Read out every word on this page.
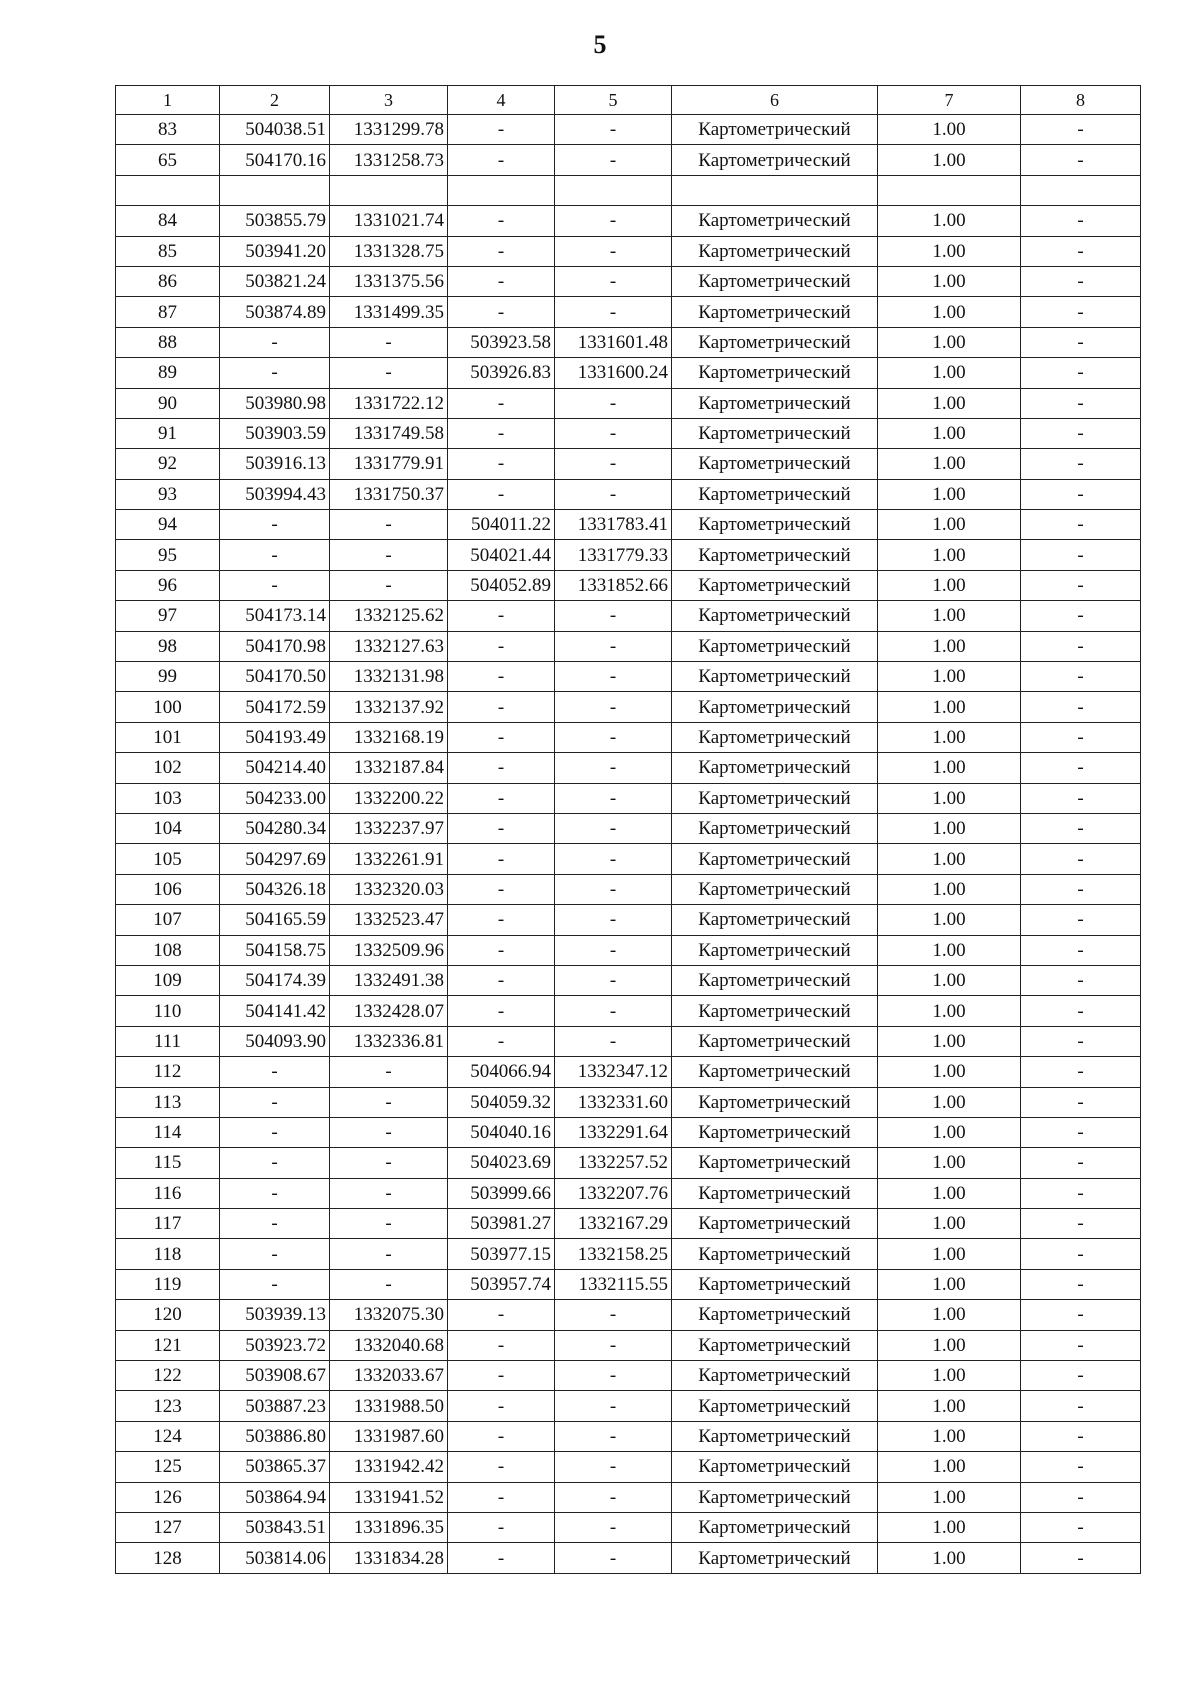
5
1	2	3	4	5	6	7	8
83	504038.51	1331299.78	-	-	Картометрический	1.00	-
65	504170.16	1331258.73	-	-	Картометрический	1.00	-

84	503855.79	1331021.74	-	-	Картометрический	1.00	-
85	503941.20	1331328.75	-	-	Картометрический	1.00	-
86	503821.24	1331375.56	-	-	Картометрический	1.00	-
87	503874.89	1331499.35	-	-	Картометрический	1.00	-
88	-	-	503923.58	1331601.48	Картометрический	1.00	-
89	-	-	503926.83	1331600.24	Картометрический	1.00	-
90	503980.98	1331722.12	-	-	Картометрический	1.00	-
91	503903.59	1331749.58	-	-	Картометрический	1.00	-
92	503916.13	1331779.91	-	-	Картометрический	1.00	-
93	503994.43	1331750.37	-	-	Картометрический	1.00	-
94	-	-	504011.22	1331783.41	Картометрический	1.00	-
95	-	-	504021.44	1331779.33	Картометрический	1.00	-
96	-	-	504052.89	1331852.66	Картометрический	1.00	-
97	504173.14	1332125.62	-	-	Картометрический	1.00	-
98	504170.98	1332127.63	-	-	Картометрический	1.00	-
99	504170.50	1332131.98	-	-	Картометрический	1.00	-
100	504172.59	1332137.92	-	-	Картометрический	1.00	-
101	504193.49	1332168.19	-	-	Картометрический	1.00	-
102	504214.40	1332187.84	-	-	Картометрический	1.00	-
103	504233.00	1332200.22	-	-	Картометрический	1.00	-
104	504280.34	1332237.97	-	-	Картометрический	1.00	-
105	504297.69	1332261.91	-	-	Картометрический	1.00	-
106	504326.18	1332320.03	-	-	Картометрический	1.00	-
107	504165.59	1332523.47	-	-	Картометрический	1.00	-
108	504158.75	1332509.96	-	-	Картометрический	1.00	-
109	504174.39	1332491.38	-	-	Картометрический	1.00	-
110	504141.42	1332428.07	-	-	Картометрический	1.00	-
111	504093.90	1332336.81	-	-	Картометрический	1.00	-
112	-	-	504066.94	1332347.12	Картометрический	1.00	-
113	-	-	504059.32	1332331.60	Картометрический	1.00	-
114	-	-	504040.16	1332291.64	Картометрический	1.00	-
115	-	-	504023.69	1332257.52	Картометрический	1.00	-
116	-	-	503999.66	1332207.76	Картометрический	1.00	-
117	-	-	503981.27	1332167.29	Картометрический	1.00	-
118	-	-	503977.15	1332158.25	Картометрический	1.00	-
119	-	-	503957.74	1332115.55	Картометрический	1.00	-
120	503939.13	1332075.30	-	-	Картометрический	1.00	-
121	503923.72	1332040.68	-	-	Картометрический	1.00	-
122	503908.67	1332033.67	-	-	Картометрический	1.00	-
123	503887.23	1331988.50	-	-	Картометрический	1.00	-
124	503886.80	1331987.60	-	-	Картометрический	1.00	-
125	503865.37	1331942.42	-	-	Картометрический	1.00	-
126	503864.94	1331941.52	-	-	Картометрический	1.00	-
127	503843.51	1331896.35	-	-	Картометрический	1.00	-
128	503814.06	1331834.28	-	-	Картометрический	1.00	-
